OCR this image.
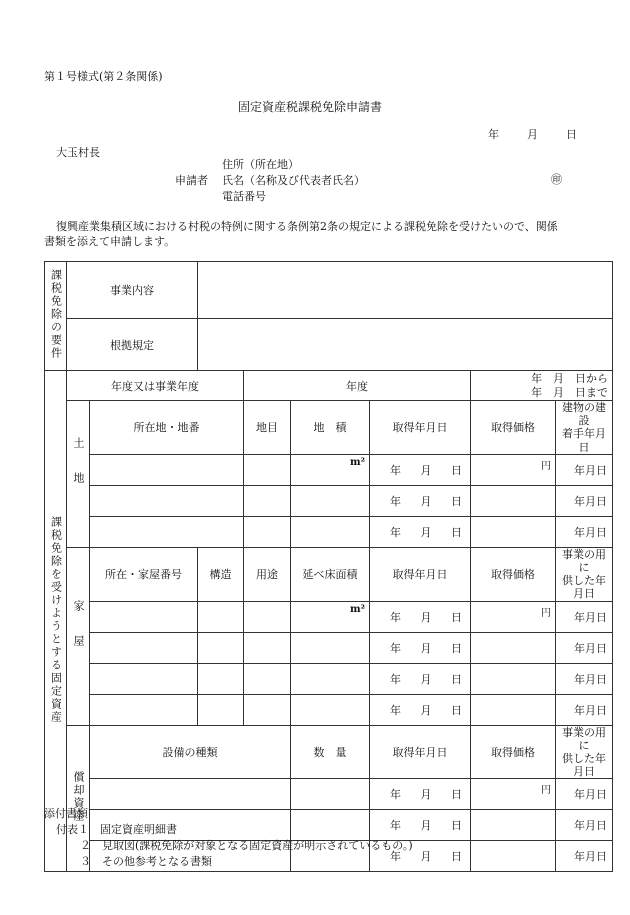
第１号様式(第２条関係)
固定資産税課税免除申請書
年	月	日
大玉村長
住所（所在地）
申請者 氏名（名称及び代表者氏名）	㊞
電話番号
復興産業集積区域における村税の特例に関する条例第2条の規定による課税免除を受けたいので、関係
書類を添えて申請します。
課税免除の要件	事業内容							
	根拠規定							
課税免除を受けようとする固定資産	年度又は事業年度			年度			年　月　日から
年　月　日まで	

	土地	所在地・地番		地目	地　積	取得年月日	取得価格	建物の建設
着手年月日

					m²	年 月 日	円	年 月 日

						年 月 日		年 月 日

						年 月 日		年 月 日

	家屋	所在・家屋番号	構造	用途	延べ床面積	取得年月日	取得価格	事業の用に
供した年月日

					m²	年 月 日	円	年 月 日

						年 月 日		年 月 日

						年 月 日		年 月 日

						年 月 日		年 月 日

	償却資産	設備の種類			数　量	取得年月日	取得価格	事業の用に
供した年月日

						年 月 日	円	年 月 日

						年 月 日		年 月 日

						年 月 日		年 月 日
添付書類
付表１　固定資産明細書
２　見取図(課税免除が対象となる固定資産が明示されているもの。)
３　その他参考となる書類
